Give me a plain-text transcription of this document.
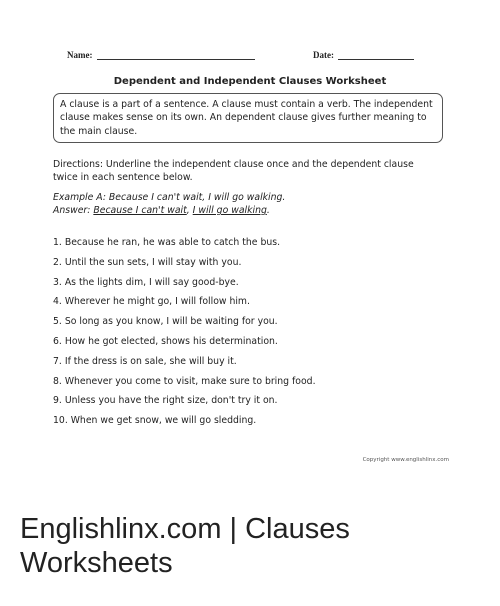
Name:	Date:
Dependent and Independent Clauses Worksheet
A clause is a part of a sentence. A clause must contain a verb. The independent clause makes sense on its own. An dependent clause gives further meaning to the main clause.
Directions: Underline the independent clause once and the dependent clause twice in each sentence below.
Example A: Because I can't wait, I will go walking.
Answer: Because I can't wait, I will go walking.
1. Because he ran, he was able to catch the bus.
2. Until the sun sets, I will stay with you.
3. As the lights dim, I will say good-bye.
4. Wherever he might go, I will follow him.
5. So long as you know, I will be waiting for you.
6. How he got elected, shows his determination.
7. If the dress is on sale, she will buy it.
8. Whenever you come to visit, make sure to bring food.
9. Unless you have the right size, don't try it on.
10. When we get snow, we will go sledding.
Copyright www.englishlinx.com
Englishlinx.com | Clauses Worksheets
